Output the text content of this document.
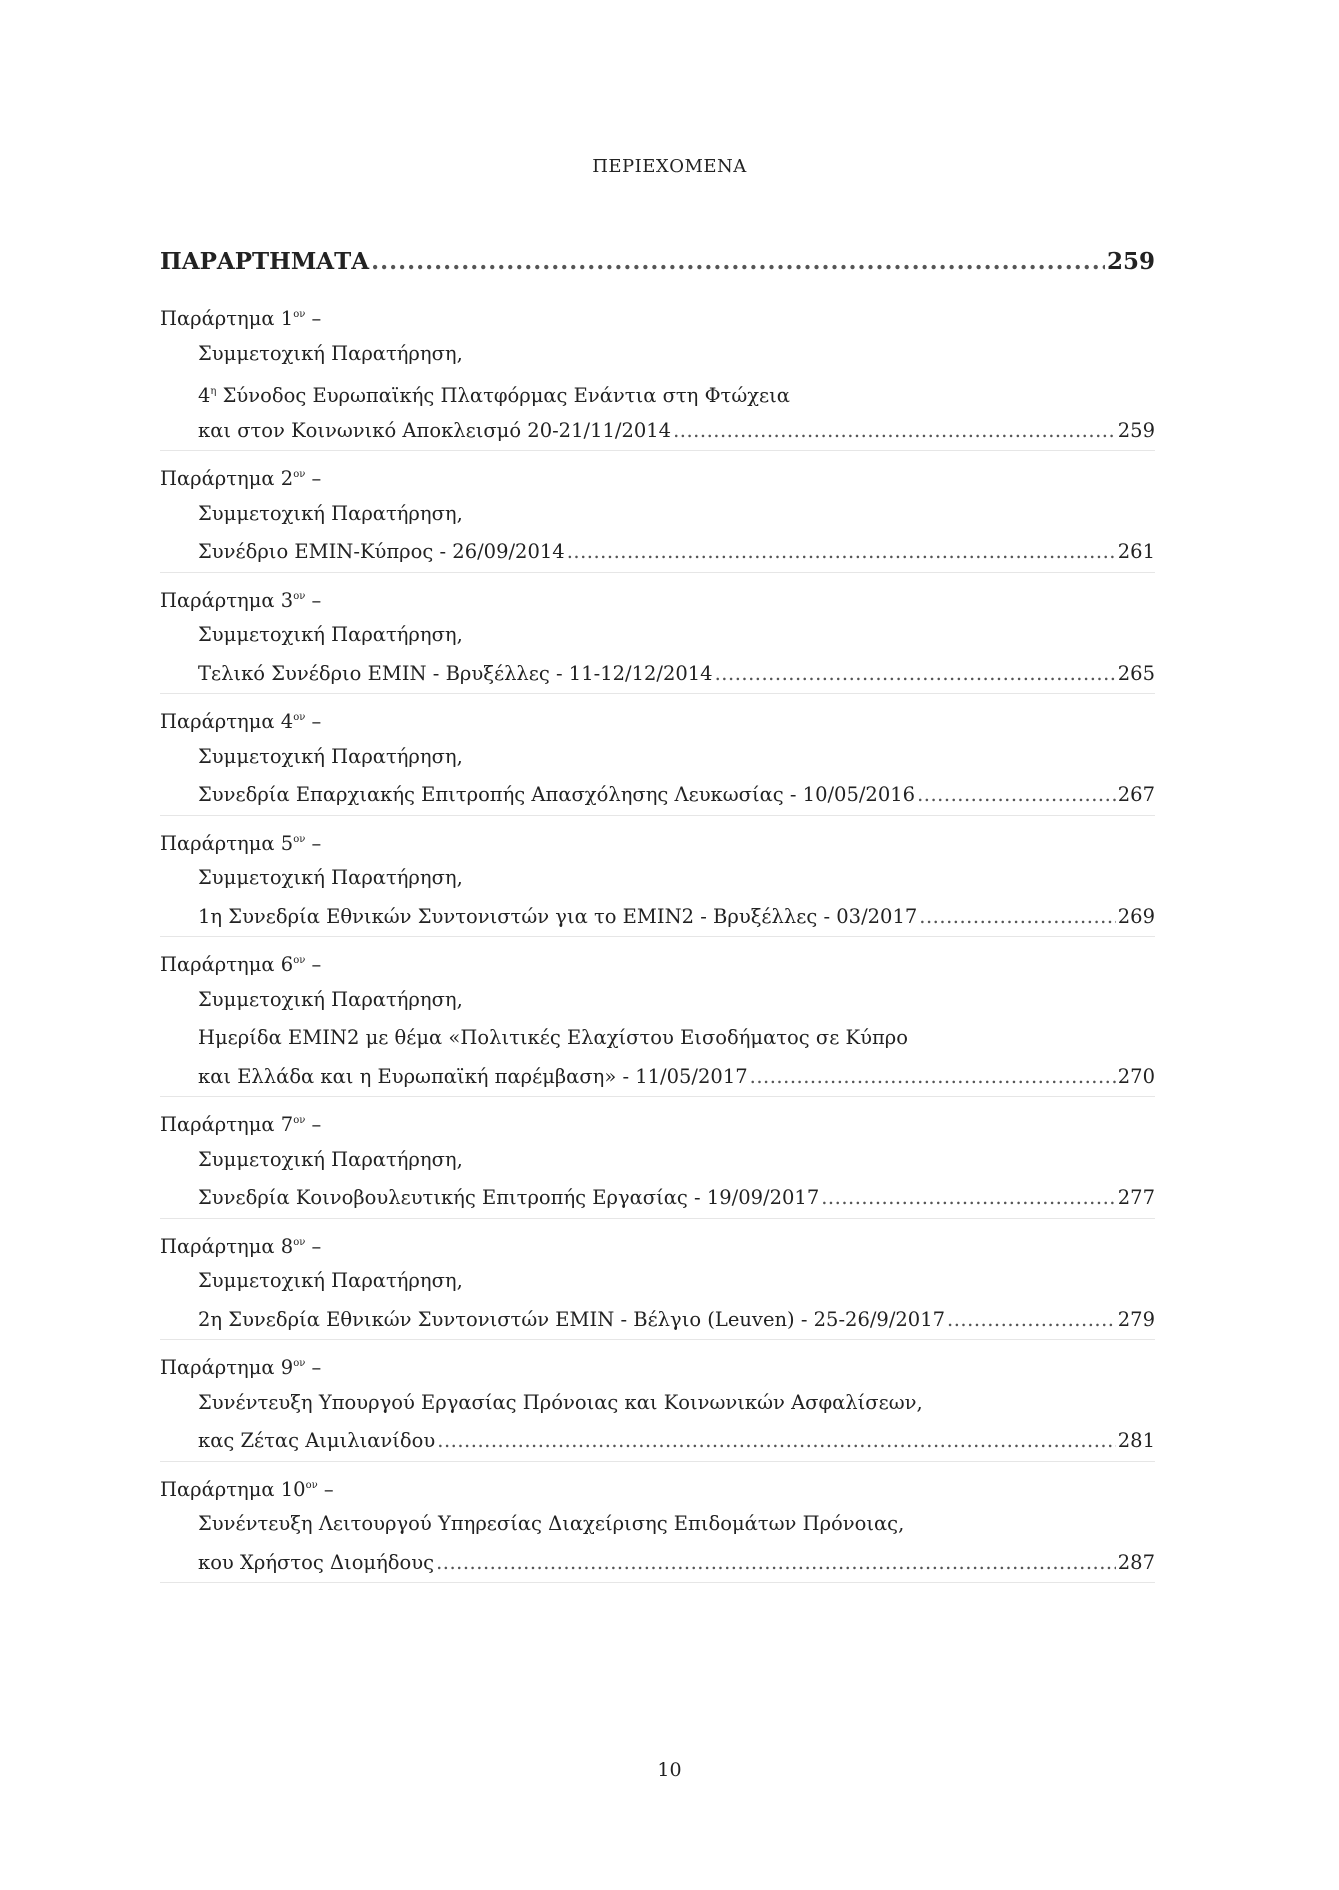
ΠΕΡΙΕΧΟΜΕΝΑ
ΠΑΡΑΡΤΗΜΑΤΑ .....	259
Παράρτημα $1^{o\nu}$ –
Συμμετοχική Παρατήρηση,
$4^\eta$ Σύνοδος Ευρωπαϊκής Πλατφόρμας Ενάντια στη Φτώχεια
και στον Κοινωνικό Αποκλεισμό 20-21/11/2014 .....	259
Παράρτημα $2^{o\nu}$ –
Συμμετοχική Παρατήρηση,
Συνέδριο EMIN-Κύπρος - 26/09/2014 .....	261
Παράρτημα $3^{o\nu}$ –
Συμμετοχική Παρατήρηση,
Τελικό Συνέδριο EMIN - Βρυξέλλες - 11-12/12/2014 .....	265
Παράρτημα $4^{o\nu}$ –
Συμμετοχική Παρατήρηση,
Συνεδρία Επαρχιακής Επιτροπής Απασχόλησης Λευκωσίας - 10/05/2016 .....	267
Παράρτημα $5^{o\nu}$ –
Συμμετοχική Παρατήρηση,
1η Συνεδρία Εθνικών Συντονιστών για το EMIN2 - Βρυξέλλες - 03/2017 .....	269
Παράρτημα $6^{o\nu}$ –
Συμμετοχική Παρατήρηση,
Ημερίδα EMIN2 με θέμα «Πολιτικές Ελαχίστου Εισοδήματος σε Κύπρο
και Ελλάδα και η Ευρωπαϊκή παρέμβαση» - 11/05/2017 .....	270
Παράρτημα $7^{o\nu}$ –
Συμμετοχική Παρατήρηση,
Συνεδρία Κοινοβουλευτικής Επιτροπής Εργασίας - 19/09/2017 .....	277
Παράρτημα $8^{o\nu}$ –
Συμμετοχική Παρατήρηση,
2η Συνεδρία Εθνικών Συντονιστών EMIN - Βέλγιο (Leuven) - 25-26/9/2017 .....	279
Παράρτημα $9^{o\nu}$ –
Συνέντευξη Υπουργού Εργασίας Πρόνοιας και Κοινωνικών Ασφαλίσεων,
κας Ζέτας Αιμιλιανίδου .....	281
Παράρτημα $10^{o\nu}$ –
Συνέντευξη Λειτουργού Υπηρεσίας Διαχείρισης Επιδομάτων Πρόνοιας,
κου Χρήστος Διομήδους .....	287
10
